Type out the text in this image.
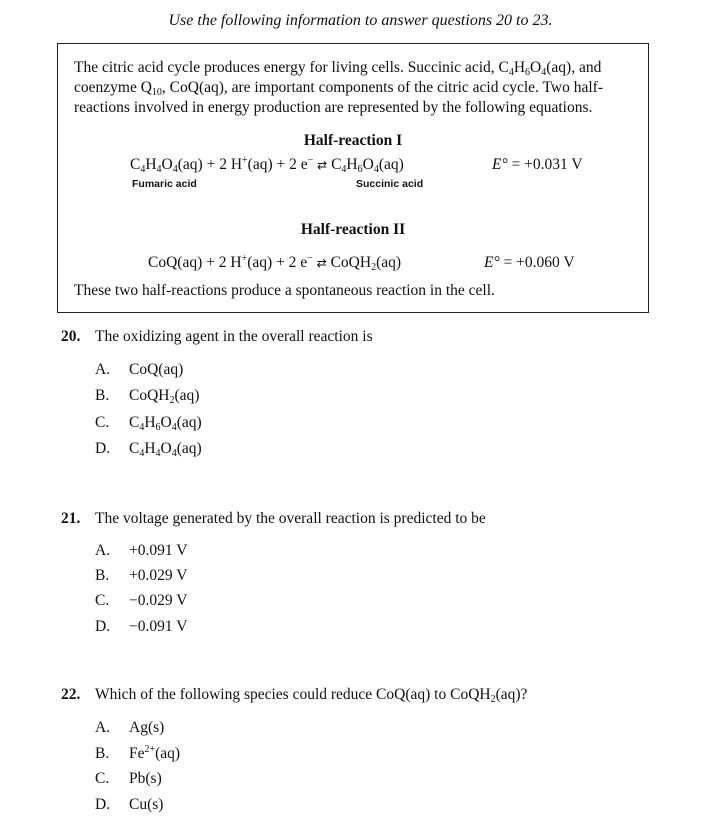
Use the following information to answer questions 20 to 23.
The citric acid cycle produces energy for living cells. Succinic acid, $C_4H_6O_4(aq)$, and coenzyme $Q_{10}$, CoQ(aq), are important components of the citric acid cycle. Two half-reactions involved in energy production are represented by the following equations.
Half-reaction I
$C_4H_4O_4(aq) + 2$ H+(aq) + 2 e− ⇄ $C_4H_6O_4(aq)$	E° = +0.031 V
Fumaric acid	Succinic acid
Half-reaction II
CoQ(aq) + 2 H+(aq) + 2 e− ⇄ CoQH$_2$(aq)	E° = +0.060 V
These two half-reactions produce a spontaneous reaction in the cell.
20. The oxidizing agent in the overall reaction is
A. CoQ(aq)
B. CoQH$_2$(aq)
C. $C_4H_6O_4(aq)$
D. $C_4H_4O_4(aq)$
21. The voltage generated by the overall reaction is predicted to be
A. +0.091 V
B. +0.029 V
C. −0.029 V
D. −0.091 V
22. Which of the following species could reduce CoQ(aq) to CoQH$_2$(aq)?
A. Ag(s)
B. $Fe^{2+}(aq)$
C. Pb(s)
D. Cu(s)
